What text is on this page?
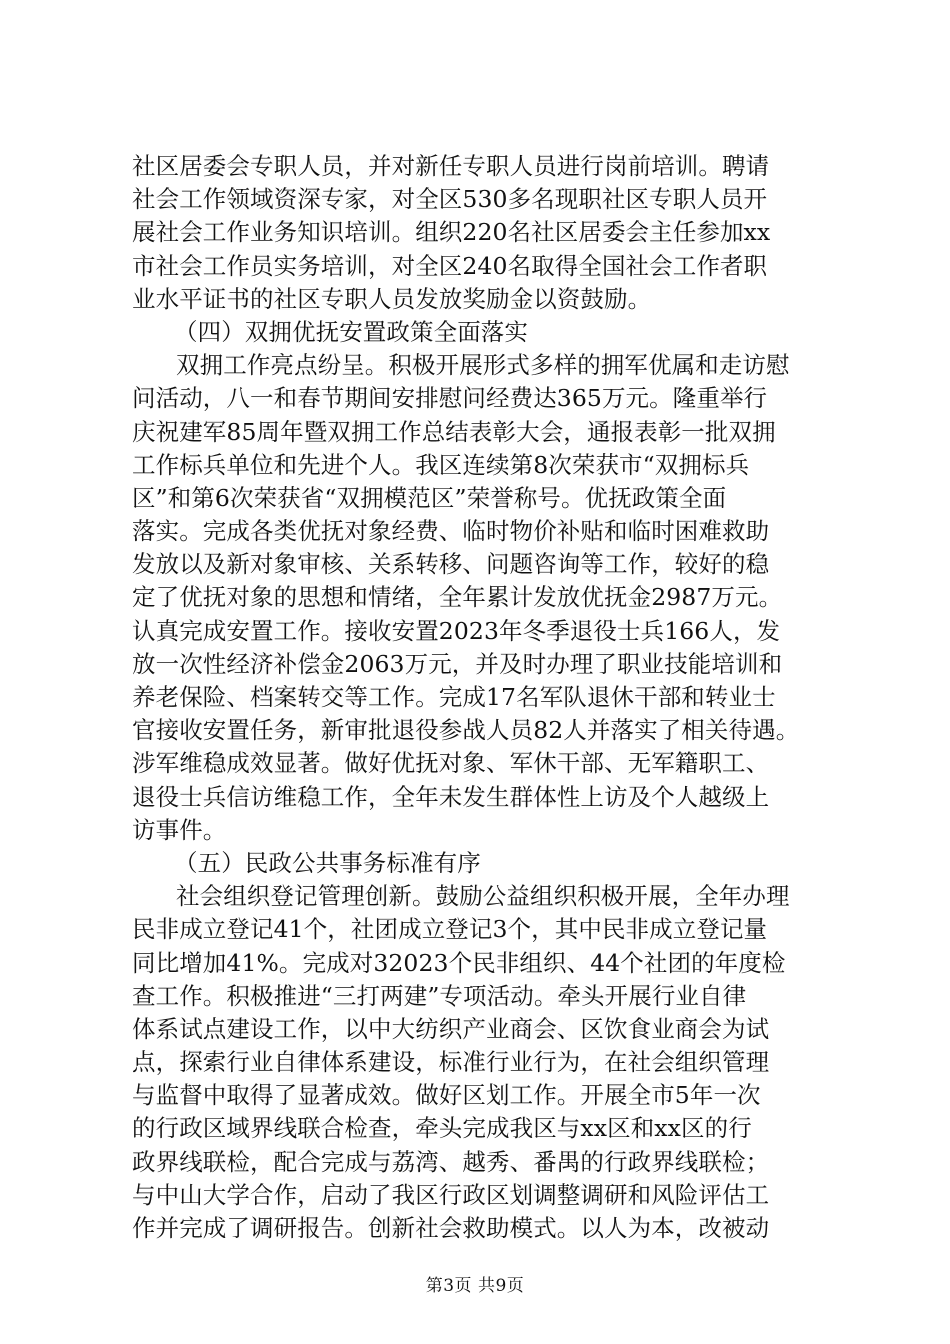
社区居委会专职人员，并对新任专职人员进行岗前培训。聘请
社会工作领域资深专家，对全区530多名现职社区专职人员开
展社会工作业务知识培训。组织220名社区居委会主任参加xx
市社会工作员实务培训，对全区240名取得全国社会工作者职
业水平证书的社区专职人员发放奖励金以资鼓励。
（四）双拥优抚安置政策全面落实
双拥工作亮点纷呈。积极开展形式多样的拥军优属和走访慰
问活动，八一和春节期间安排慰问经费达365万元。隆重举行
庆祝建军85周年暨双拥工作总结表彰大会，通报表彰一批双拥
工作标兵单位和先进个人。我区连续第8次荣获市“双拥标兵
区”和第6次荣获省“双拥模范区”荣誉称号。优抚政策全面
落实。完成各类优抚对象经费、临时物价补贴和临时困难救助
发放以及新对象审核、关系转移、问题咨询等工作，较好的稳
定了优抚对象的思想和情绪，全年累计发放优抚金2987万元。
认真完成安置工作。接收安置2023年冬季退役士兵166人，发
放一次性经济补偿金2063万元，并及时办理了职业技能培训和
养老保险、档案转交等工作。完成17名军队退休干部和转业士
官接收安置任务，新审批退役参战人员82人并落实了相关待遇。
涉军维稳成效显著。做好优抚对象、军休干部、无军籍职工、
退役士兵信访维稳工作，全年未发生群体性上访及个人越级上
访事件。
（五）民政公共事务标准有序
社会组织登记管理创新。鼓励公益组织积极开展，全年办理
民非成立登记41个，社团成立登记3个，其中民非成立登记量
同比增加41%。完成对32023个民非组织、44个社团的年度检
查工作。积极推进“三打两建”专项活动。牵头开展行业自律
体系试点建设工作，以中大纺织产业商会、区饮食业商会为试
点，探索行业自律体系建设，标准行业行为，在社会组织管理
与监督中取得了显著成效。做好区划工作。开展全市5年一次
的行政区域界线联合检查，牵头完成我区与xx区和xx区的行
政界线联检，配合完成与荔湾、越秀、番禺的行政界线联检；
与中山大学合作，启动了我区行政区划调整调研和风险评估工
作并完成了调研报告。创新社会救助模式。以人为本，改被动
第3页 共9页
